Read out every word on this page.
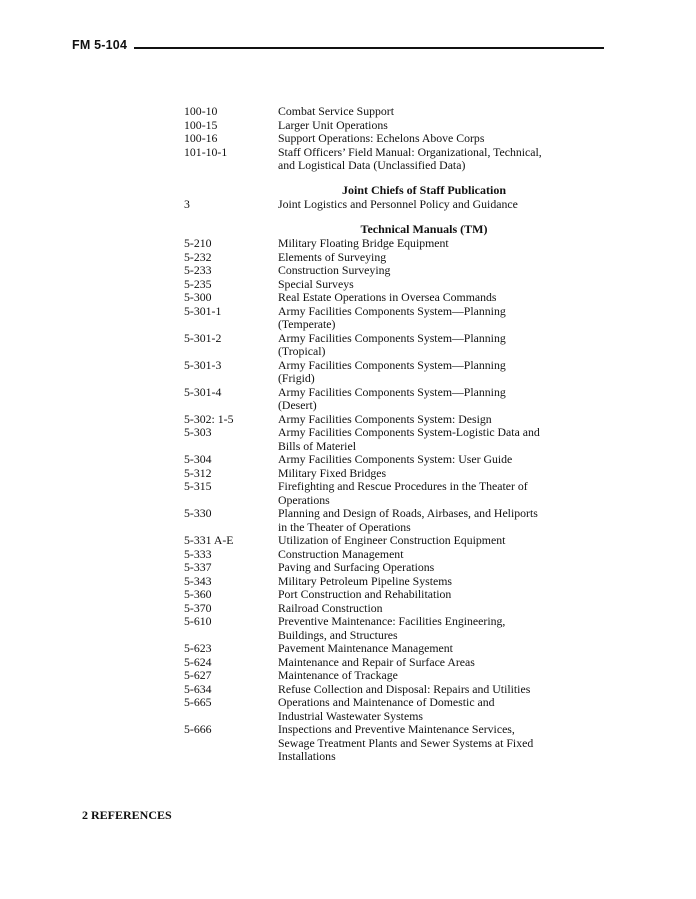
FM 5-104
100-10	Combat Service Support
100-15	Larger Unit Operations
100-16	Support Operations: Echelons Above Corps
101-10-1	Staff Officers’ Field Manual: Organizational, Technical,
and Logistical Data (Unclassified Data)
Joint Chiefs of Staff Publication
3	Joint Logistics and Personnel Policy and Guidance
Technical Manuals (TM)
5-210	Military Floating Bridge Equipment
5-232	Elements of Surveying
5-233	Construction Surveying
5-235	Special Surveys
5-300	Real Estate Operations in Oversea Commands
5-301-1	Army Facilities Components System—Planning
(Temperate)
5-301-2	Army Facilities Components System—Planning
(Tropical)
5-301-3	Army Facilities Components System—Planning
(Frigid)
5-301-4	Army Facilities Components System—Planning
(Desert)
5-302: 1-5	Army Facilities Components System: Design
5-303	Army Facilities Components System-Logistic Data and
Bills of Materiel
5-304	Army Facilities Components System: User Guide
5-312	Military Fixed Bridges
5-315	Firefighting and Rescue Procedures in the Theater of
Operations
5-330	Planning and Design of Roads, Airbases, and Heliports
in the Theater of Operations
5-331 A-E	Utilization of Engineer Construction Equipment
5-333	Construction Management
5-337	Paving and Surfacing Operations
5-343	Military Petroleum Pipeline Systems
5-360	Port Construction and Rehabilitation
5-370	Railroad Construction
5-610	Preventive Maintenance: Facilities Engineering,
Buildings, and Structures
5-623	Pavement Maintenance Management
5-624	Maintenance and Repair of Surface Areas
5-627	Maintenance of Trackage
5-634	Refuse Collection and Disposal: Repairs and Utilities
5-665	Operations and Maintenance of Domestic and
Industrial Wastewater Systems
5-666	Inspections and Preventive Maintenance Services,
Sewage Treatment Plants and Sewer Systems at Fixed
Installations
2 REFERENCES
